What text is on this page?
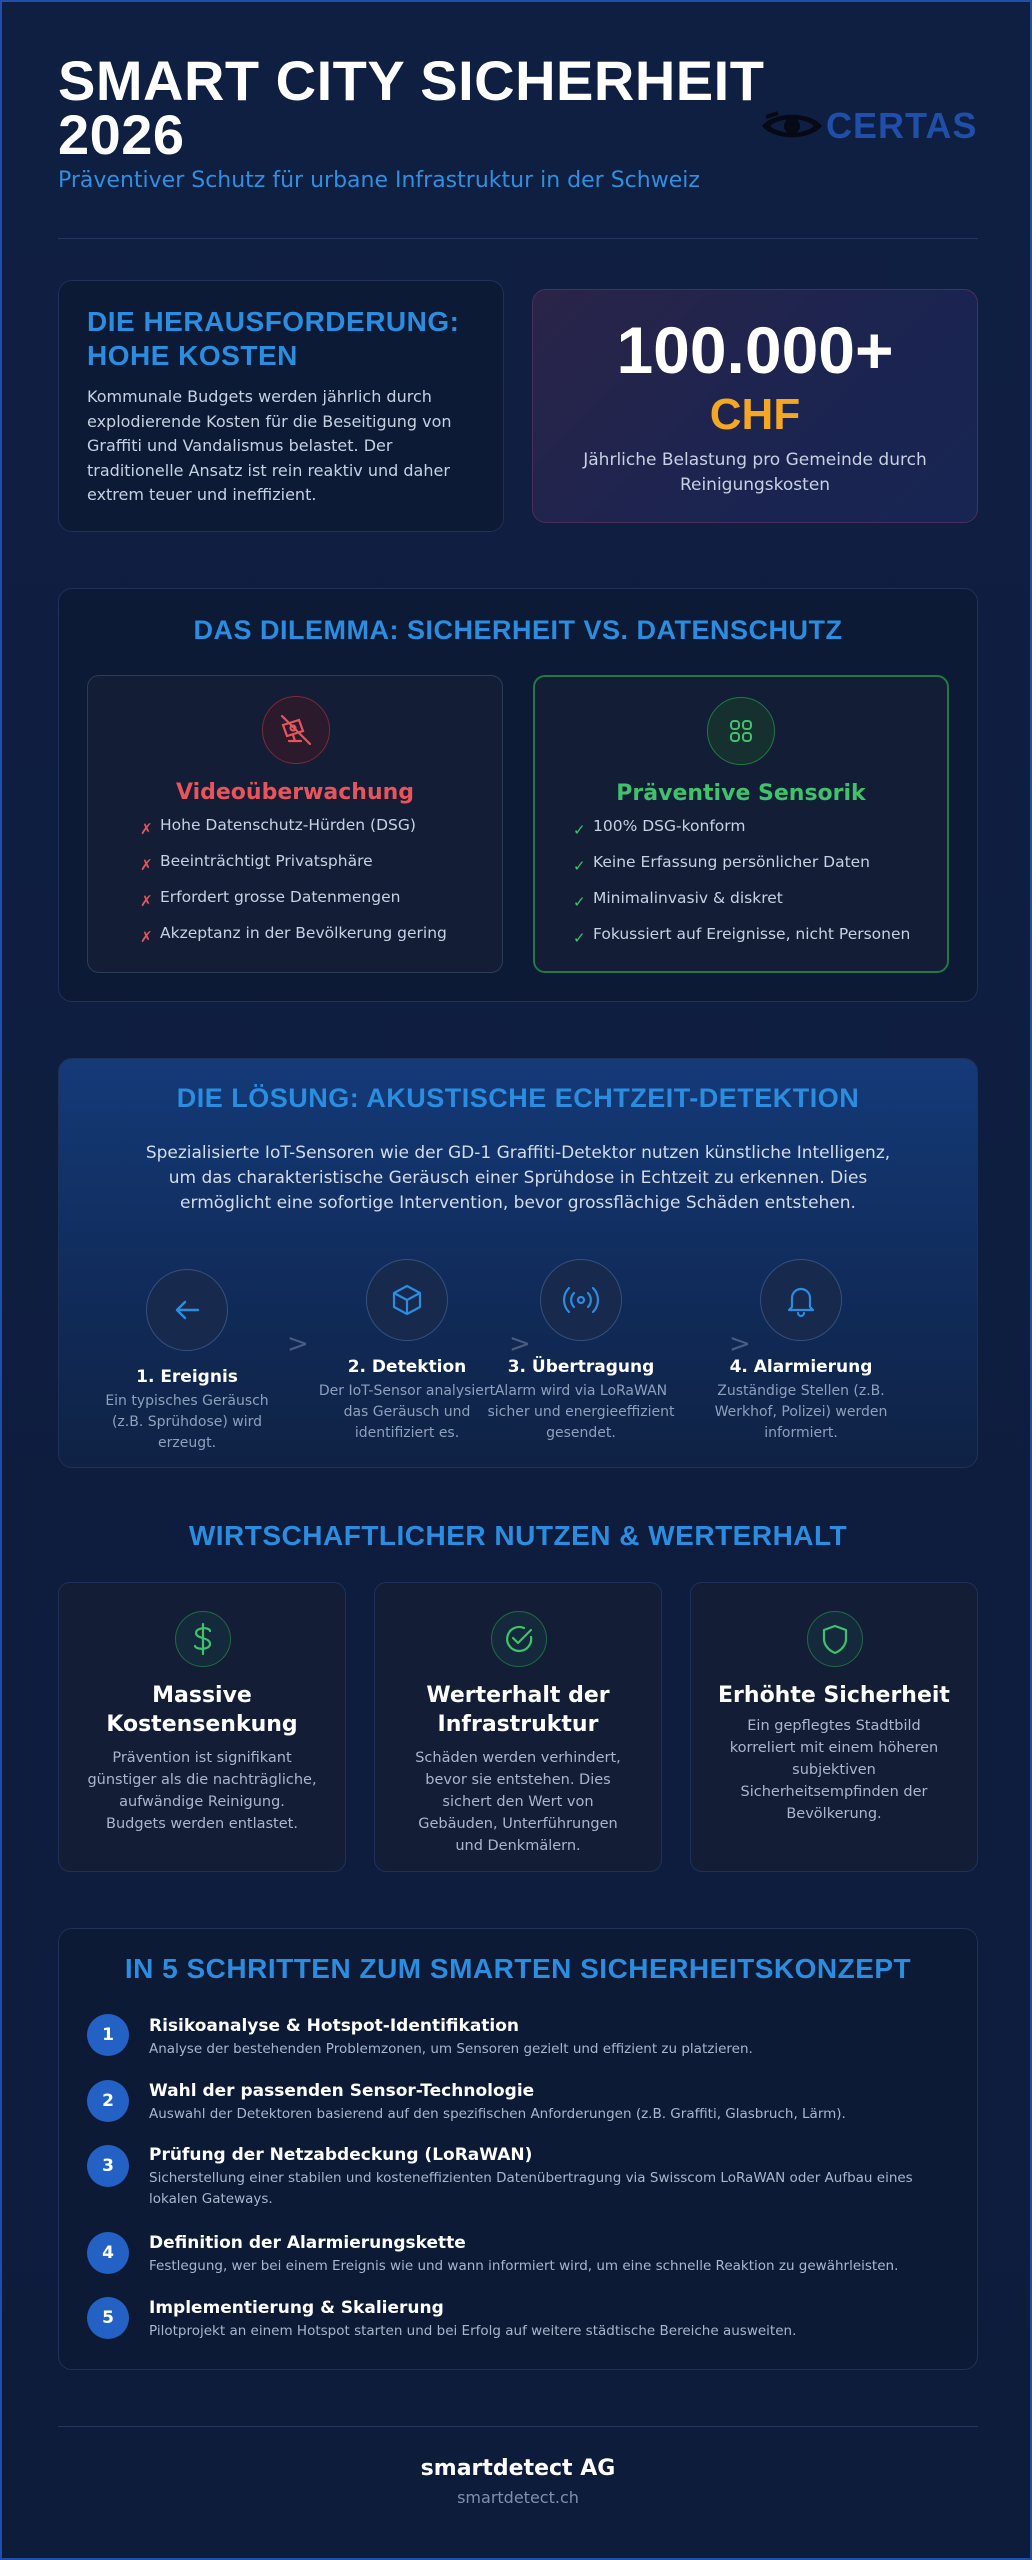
SMART CITY SICHERHEIT 2026
Präventiver Schutz für urbane Infrastruktur in der Schweiz
CERTAS
DIE HERAUSFORDERUNG: HOHE KOSTEN

Kommunale Budgets werden jährlich durch explodierende Kosten für die Beseitigung von Graffiti und Vandalismus belastet. Der traditionelle Ansatz ist rein reaktiv und daher extrem teuer und ineffizient.

100.000+
CHF
Jährliche Belastung pro Gemeinde durch Reinigungskosten
DAS DILEMMA: SICHERHEIT VS. DATENSCHUTZ
Videoüberwachung
✗ Hohe Datenschutz-Hürden (DSG)
✗ Beeinträchtigt Privatsphäre
✗ Erfordert grosse Datenmengen
✗ Akzeptanz in der Bevölkerung gering
Präventive Sensorik
✓ 100% DSG-konform
✓ Keine Erfassung persönlicher Daten
✓ Minimalinvasiv & diskret
✓ Fokussiert auf Ereignisse, nicht Personen
DIE LÖSUNG: AKUSTISCHE ECHTZEIT-DETEKTION

Spezialisierte IoT-Sensoren wie der GD-1 Graffiti-Detektor nutzen künstliche Intelligenz, um das charakteristische Geräusch einer Sprühdose in Echtzeit zu erkennen. Dies ermöglicht eine sofortige Intervention, bevor grossflächige Schäden entstehen.

1. Ereignis
Ein typisches Geräusch (z.B. Sprühdose) wird erzeugt.
>
2. Detektion
Der IoT-Sensor analysiert das Geräusch und identifiziert es.
>
3. Übertragung
Alarm wird via LoRaWAN sicher und energieeffizient gesendet.
>
4. Alarmierung
Zuständige Stellen (z.B. Werkhof, Polizei) werden informiert.
WIRTSCHAFTLICHER NUTZEN & WERTERHALT
Massive Kostensenkung
Prävention ist signifikant günstiger als die nachträgliche, aufwändige Reinigung. Budgets werden entlastet.
Werterhalt der Infrastruktur
Schäden werden verhindert, bevor sie entstehen. Dies sichert den Wert von Gebäuden, Unterführungen und Denkmälern.
Erhöhte Sicherheit
Ein gepflegtes Stadtbild korreliert mit einem höheren subjektiven Sicherheitsempfinden der Bevölkerung.
IN 5 SCHRITTEN ZUM SMARTEN SICHERHEITSKONZEPT
1	Risikoanalyse & Hotspot-Identifikation
Analyse der bestehenden Problemzonen, um Sensoren gezielt und effizient zu platzieren.
2	Wahl der passenden Sensor-Technologie
Auswahl der Detektoren basierend auf den spezifischen Anforderungen (z.B. Graffiti, Glasbruch, Lärm).
3
Prüfung der Netzabdeckung (LoRaWAN)
Sicherstellung einer stabilen und kosteneffizienten Datenübertragung via Swisscom LoRaWAN oder Aufbau eines lokalen Gateways.
4	Definition der Alarmierungskette
Festlegung, wer bei einem Ereignis wie und wann informiert wird, um eine schnelle Reaktion zu gewährleisten.
5	Implementierung & Skalierung
Pilotprojekt an einem Hotspot starten und bei Erfolg auf weitere städtische Bereiche ausweiten.
smartdetect AG
smartdetect.ch
